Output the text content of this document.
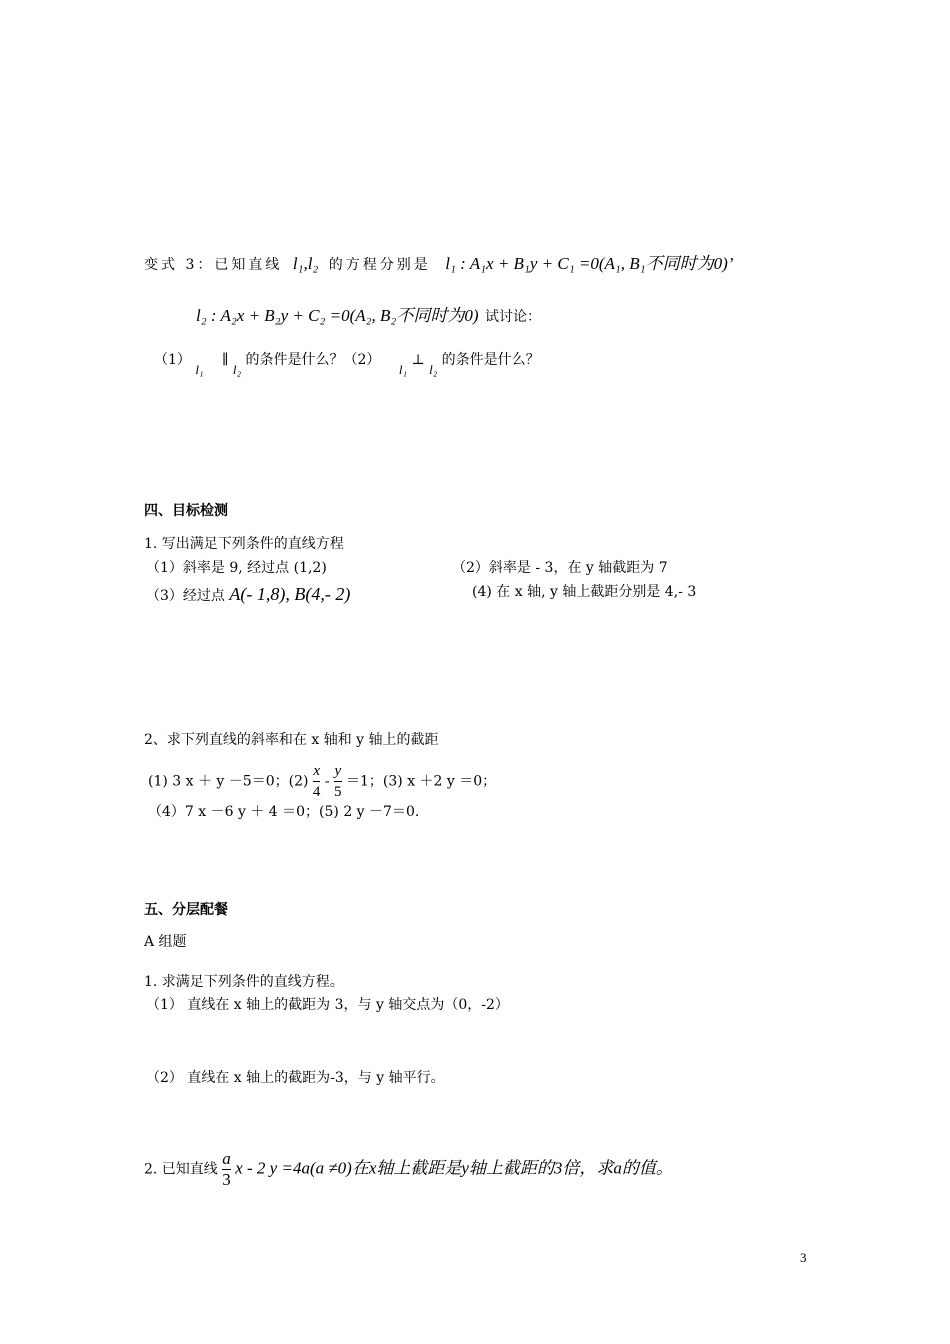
变式 3：已知直线 l₁,l₂ 的方程分别是 l₁ : A₁x + B₁y + C₁ =0(A₁, B₁不同时为0)’
l₂ : A₂x + B₂y + C₂ =0(A₂, B₂不同时为0) 试讨论：
（1） l₁ ∥ l₂ 的条件是什么？（2） l₁ ⊥ l₂ 的条件是什么？
四、目标检测
1. 写出满足下列条件的直线方程
（1）斜率是 9, 经过点 (1,2)	（2）斜率是 - 3，在 y 轴截距为 7
（3）经过点 A(- 1,8), B(4,- 2)	(4) 在 x 轴, y 轴上截距分别是 4,- 3
2、求下列直线的斜率和在 x 轴和 y 轴上的截距
(1) 3 x ＋ y －5＝0；$(2) \frac{x}{4} - \frac{y}{5} =1$；(3) x ＋2 y ＝0；
（4）7 x －6 y ＋ 4 ＝0；(5) 2 y －7＝0.
五、分层配餐
A 组题
1. 求满足下列条件的直线方程。
（1） 直线在 x 轴上的截距为 3，与 y 轴交点为（0，-2）
（2） 直线在 x 轴上的截距为-3，与 y 轴平行。
2. 已知直线 $\frac{a}{3}$ x - 2 y =4a(a ≠0)在x轴上截距是y轴上截距的3倍，求a的值。
3
